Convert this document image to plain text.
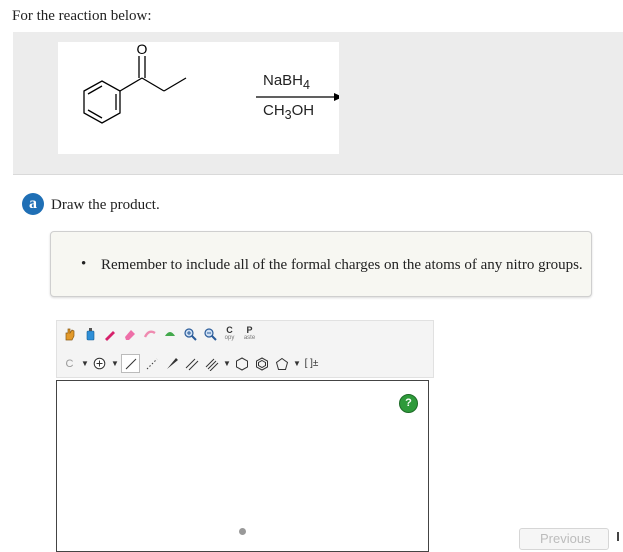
For the reaction below:
O
NaBH$_4$
$CH_3OH$
a Draw the product.
• Remember to include all of the formal charges on the atoms of any nitro groups.
C
opy
P
aste
C ▼	▼	▼	▼ [ ]±
?
Previous
